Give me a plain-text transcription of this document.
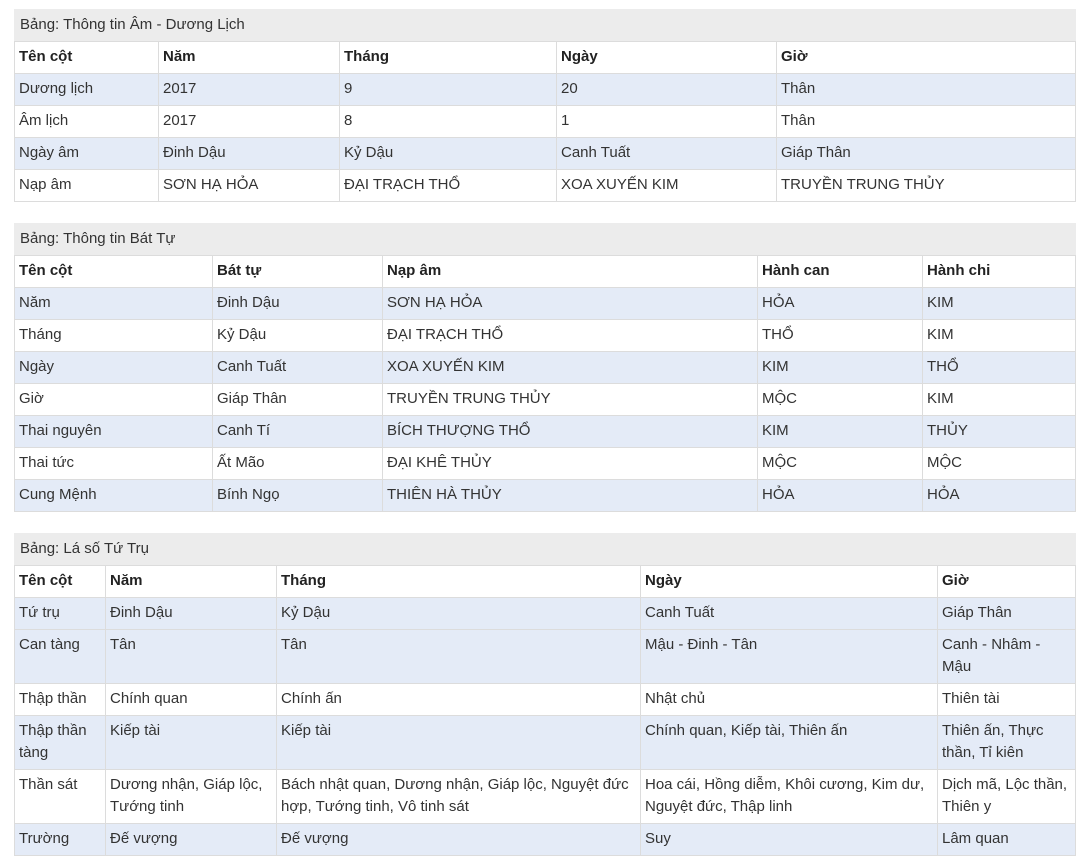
Bảng: Thông tin Âm - Dương Lịch
Tên cột	Năm	Tháng	Ngày	Giờ
Dương lịch	2017	9	20	Thân
Âm lịch	2017	8	1	Thân
Ngày âm	Đinh Dậu	Kỷ Dậu	Canh Tuất	Giáp Thân
Nạp âm	SƠN HẠ HỎA	ĐẠI TRẠCH THỔ	XOA XUYẾN KIM	TRUYỀN TRUNG THỦY
Bảng: Thông tin Bát Tự
Tên cột	Bát tự	Nạp âm	Hành can	Hành chi
Năm	Đinh Dậu	SƠN HẠ HỎA	HỎA	KIM
Tháng	Kỷ Dậu	ĐẠI TRẠCH THỔ	THỔ	KIM
Ngày	Canh Tuất	XOA XUYẾN KIM	KIM	THỔ
Giờ	Giáp Thân	TRUYỀN TRUNG THỦY	MỘC	KIM
Thai nguyên	Canh Tí	BÍCH THƯỢNG THỔ	KIM	THỦY
Thai tức	Ất Mão	ĐẠI KHÊ THỦY	MỘC	MỘC
Cung Mệnh	Bính Ngọ	THIÊN HÀ THỦY	HỎA	HỎA
Bảng: Lá số Tứ Trụ
Tên cột	Năm	Tháng	Ngày	Giờ
Tứ trụ	Đinh Dậu	Kỷ Dậu	Canh Tuất	Giáp Thân
Can tàng	Tân	Tân	Mậu - Đinh - Tân	Canh - Nhâm - Mậu
Thập thần	Chính quan	Chính ấn	Nhật chủ	Thiên tài
Thập thần tàng	Kiếp tài	Kiếp tài	Chính quan, Kiếp tài, Thiên ấn	Thiên ấn, Thực thần, Tỉ kiên
Thần sát	Dương nhận, Giáp lộc, Tướng tinh	Bách nhật quan, Dương nhận, Giáp lộc, Nguyệt đức hợp, Tướng tinh, Vô tinh sát	Hoa cái, Hồng diễm, Khôi cương, Kim dư, Nguyệt đức, Thập linh	Dịch mã, Lộc thần, Thiên y
Trường	Đế vượng	Đế vượng	Suy	Lâm quan
